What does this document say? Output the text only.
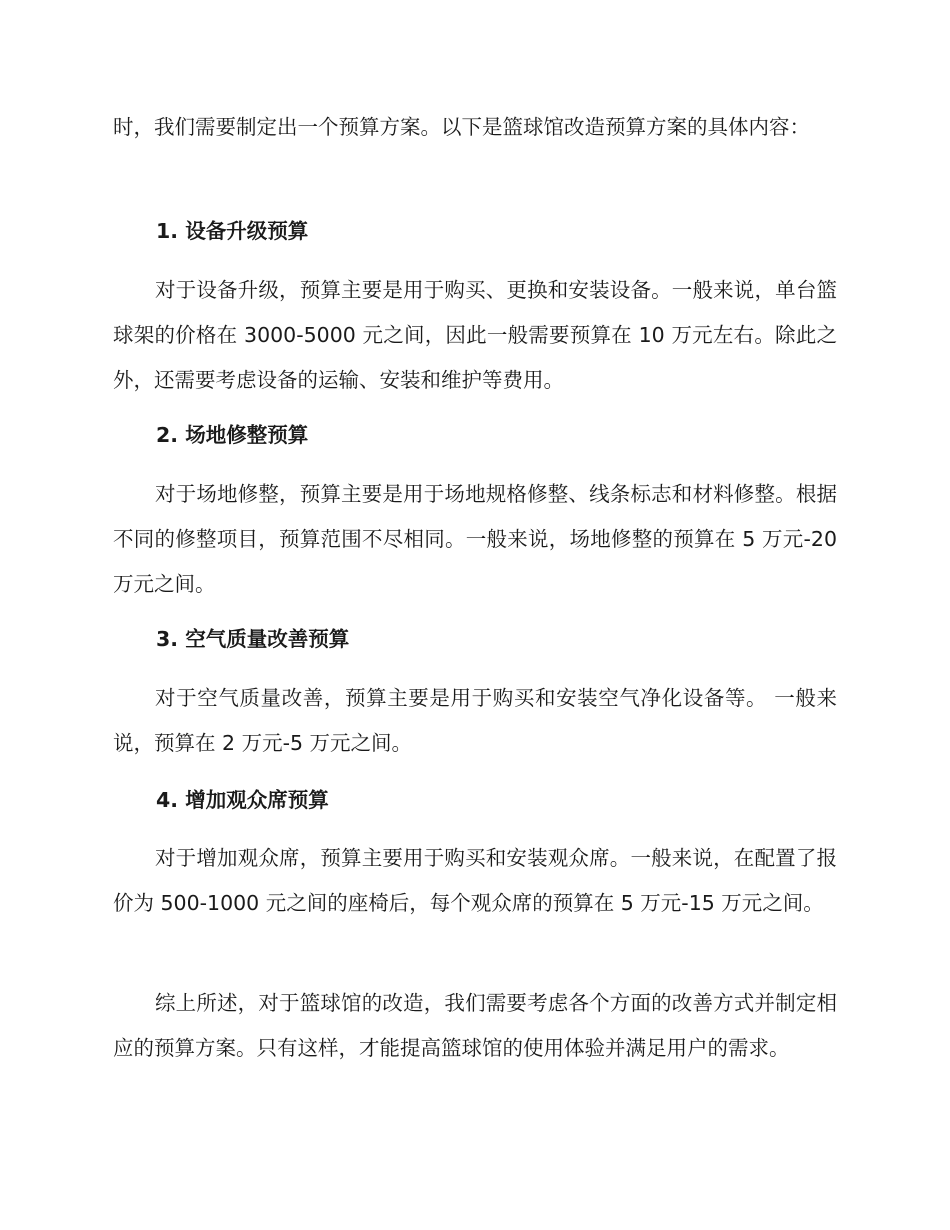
时，我们需要制定出一个预算方案。以下是篮球馆改造预算方案的具体内容：

1. 设备升级预算

对于设备升级，预算主要是用于购买、更换和安装设备。一般来说，单台篮球架的价格在 3000-5000 元之间，因此一般需要预算在 10 万元左右。除此之外，还需要考虑设备的运输、安装和维护等费用。

2. 场地修整预算

对于场地修整，预算主要是用于场地规格修整、线条标志和材料修整。根据不同的修整项目，预算范围不尽相同。一般来说，场地修整的预算在 5 万元-20 万元之间。

3. 空气质量改善预算

对于空气质量改善，预算主要是用于购买和安装空气净化设备等。 一般来说，预算在 2 万元-5 万元之间。

4. 增加观众席预算

对于增加观众席，预算主要用于购买和安装观众席。一般来说，在配置了报价为 500-1000 元之间的座椅后，每个观众席的预算在 5 万元-15 万元之间。

综上所述，对于篮球馆的改造，我们需要考虑各个方面的改善方式并制定相应的预算方案。只有这样，才能提高篮球馆的使用体验并满足用户的需求。
